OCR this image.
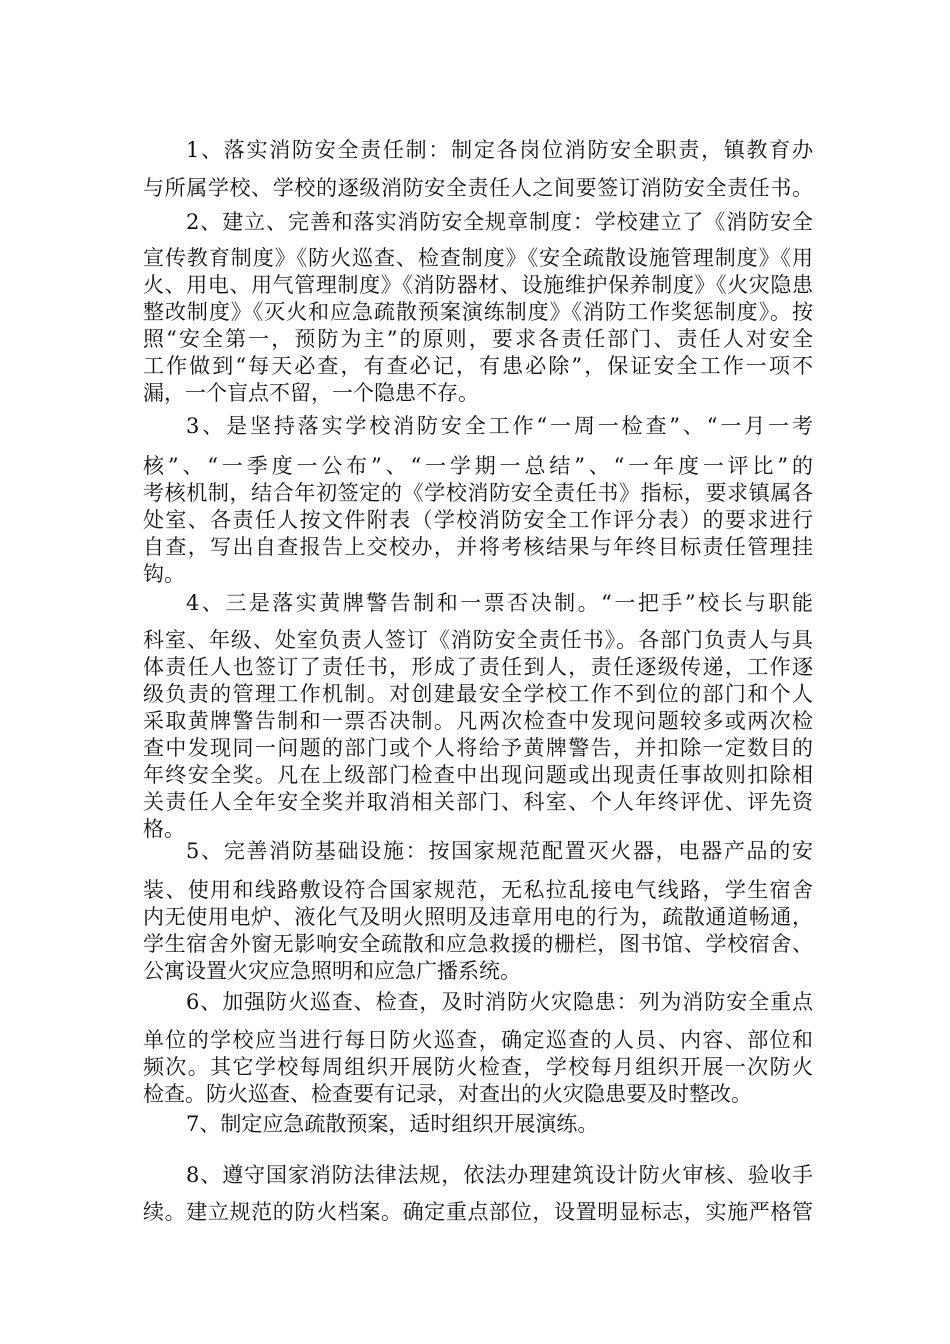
1、落实消防安全责任制：制定各岗位消防安全职责，镇教育办
与所属学校、学校的逐级消防安全责任人之间要签订消防安全责任书。
2、建立、完善和落实消防安全规章制度：学校建立了《消防安全
宣传教育制度》《防火巡查、检查制度》《安全疏散设施管理制度》《用
火、用电、用气管理制度》《消防器材、设施维护保养制度》《火灾隐患
整改制度》《灭火和应急疏散预案演练制度》《消防工作奖惩制度》。按
照“安全第一，预防为主”的原则，要求各责任部门、责任人对安全
工作做到“每天必查，有查必记，有患必除”，保证安全工作一项不
漏，一个盲点不留，一个隐患不存。
3、是坚持落实学校消防安全工作“一周一检查”、“一月一考
核”、“一季度一公布”、“一学期一总结”、“一年度一评比”的
考核机制，结合年初签定的《学校消防安全责任书》指标，要求镇属各
处室、各责任人按文件附表（学校消防安全工作评分表）的要求进行
自查，写出自查报告上交校办，并将考核结果与年终目标责任管理挂
钩。
4、三是落实黄牌警告制和一票否决制。“一把手”校长与职能
科室、年级、处室负责人签订《消防安全责任书》。各部门负责人与具
体责任人也签订了责任书，形成了责任到人，责任逐级传递，工作逐
级负责的管理工作机制。对创建最安全学校工作不到位的部门和个人
采取黄牌警告制和一票否决制。凡两次检查中发现问题较多或两次检
查中发现同一问题的部门或个人将给予黄牌警告，并扣除一定数目的
年终安全奖。凡在上级部门检查中出现问题或出现责任事故则扣除相
关责任人全年安全奖并取消相关部门、科室、个人年终评优、评先资
格。
5、完善消防基础设施：按国家规范配置灭火器，电器产品的安
装、使用和线路敷设符合国家规范，无私拉乱接电气线路，学生宿舍
内无使用电炉、液化气及明火照明及违章用电的行为，疏散通道畅通，
学生宿舍外窗无影响安全疏散和应急救援的栅栏，图书馆、学校宿舍、
公寓设置火灾应急照明和应急广播系统。
6、加强防火巡查、检查，及时消防火灾隐患：列为消防安全重点
单位的学校应当进行每日防火巡查，确定巡查的人员、内容、部位和
频次。其它学校每周组织开展防火检查，学校每月组织开展一次防火
检查。防火巡查、检查要有记录，对查出的火灾隐患要及时整改。
7、制定应急疏散预案，适时组织开展演练。
8、遵守国家消防法律法规，依法办理建筑设计防火审核、验收手
续。建立规范的防火档案。确定重点部位，设置明显标志，实施严格管
